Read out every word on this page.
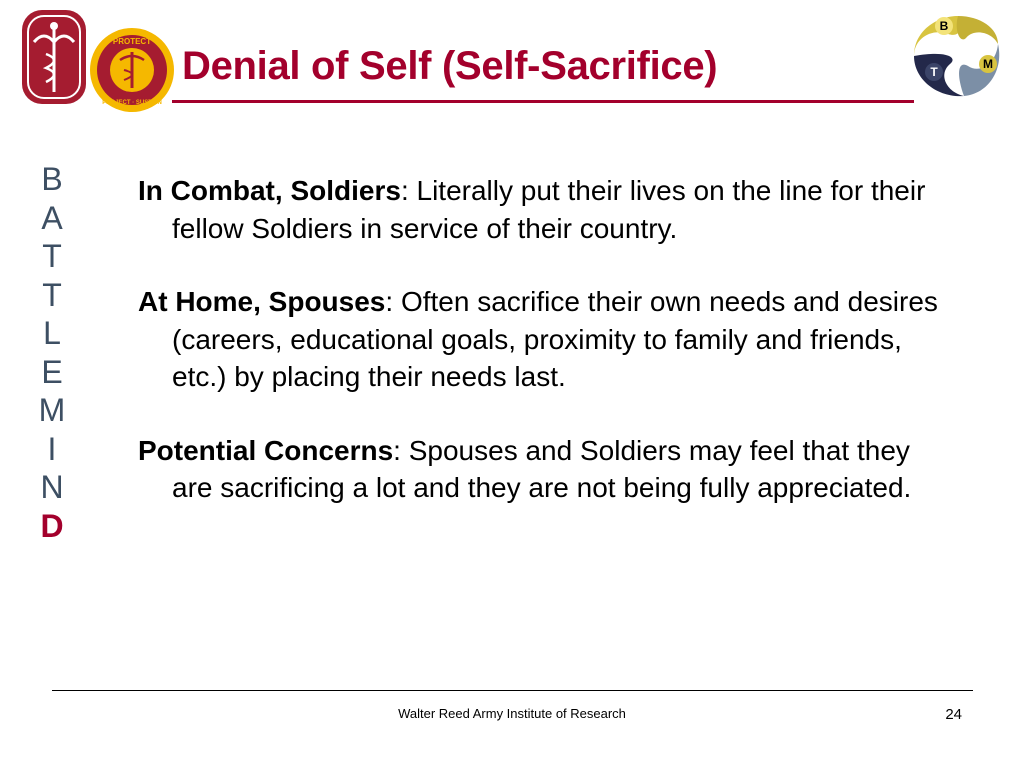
PROTECT
PROJECT · SUSTAIN
B
T
M
Denial of Self (Self-Sacrifice)
B
A
T
T
L
E
M
I
N
D

In Combat, Soldiers: Literally put their lives on the line for their fellow Soldiers in service of their country.

At Home, Spouses: Often sacrifice their own needs and desires (careers, educational goals, proximity to family and friends, etc.) by placing their needs last.

Potential Concerns: Spouses and Soldiers may feel that they are sacrificing a lot and they are not being fully appreciated.

Walter Reed Army Institute of Research	24
